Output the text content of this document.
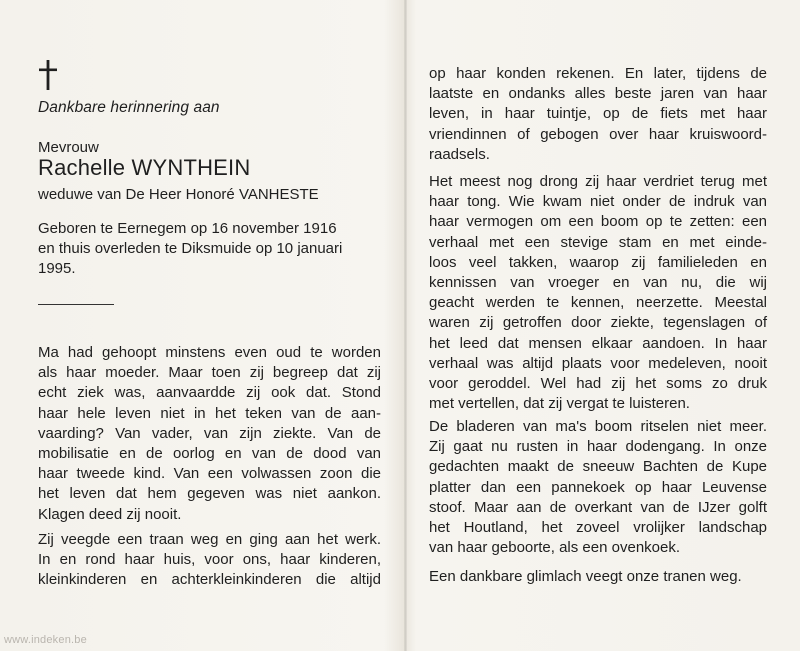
Dankbare herinnering aan
Mevrouw
Rachelle WYNTHEIN
weduwe van De Heer Honoré VANHESTE
Geboren te Eernegem op 16 november 1916
en thuis overleden te Diksmuide op 10 januari
1995.
Ma had gehoopt minstens even oud te worden
als haar moeder. Maar toen zij begreep dat zij
echt ziek was, aanvaardde zij ook dat. Stond
haar hele leven niet in het teken van de aan-
vaarding? Van vader, van zijn ziekte. Van de
mobilisatie en de oorlog en van de dood van
haar tweede kind. Van een volwassen zoon die
het leven dat hem gegeven was niet aankon.
Klagen deed zij nooit.
Zij veegde een traan weg en ging aan het werk.
In en rond haar huis, voor ons, haar kinderen,
kleinkinderen en achterkleinkinderen die altijd
op haar konden rekenen. En later, tijdens de
laatste en ondanks alles beste jaren van haar
leven, in haar tuintje, op de fiets met haar
vriendinnen of gebogen over haar kruiswoord-
raadsels.
Het meest nog drong zij haar verdriet terug met
haar tong. Wie kwam niet onder de indruk van
haar vermogen om een boom op te zetten: een
verhaal met een stevige stam en met einde-
loos veel takken, waarop zij familieleden en
kennissen van vroeger en van nu, die wij
geacht werden te kennen, neerzette. Meestal
waren zij getroffen door ziekte, tegenslagen of
het leed dat mensen elkaar aandoen. In haar
verhaal was altijd plaats voor medeleven, nooit
voor geroddel. Wel had zij het soms zo druk
met vertellen, dat zij vergat te luisteren.
De bladeren van ma's boom ritselen niet meer.
Zij gaat nu rusten in haar dodengang. In onze
gedachten maakt de sneeuw Bachten de Kupe
platter dan een pannekoek op haar Leuvense
stoof. Maar aan de overkant van de IJzer golft
het Houtland, het zoveel vrolijker landschap
van haar geboorte, als een ovenkoek.
Een dankbare glimlach veegt onze tranen weg.
www.indeken.be
